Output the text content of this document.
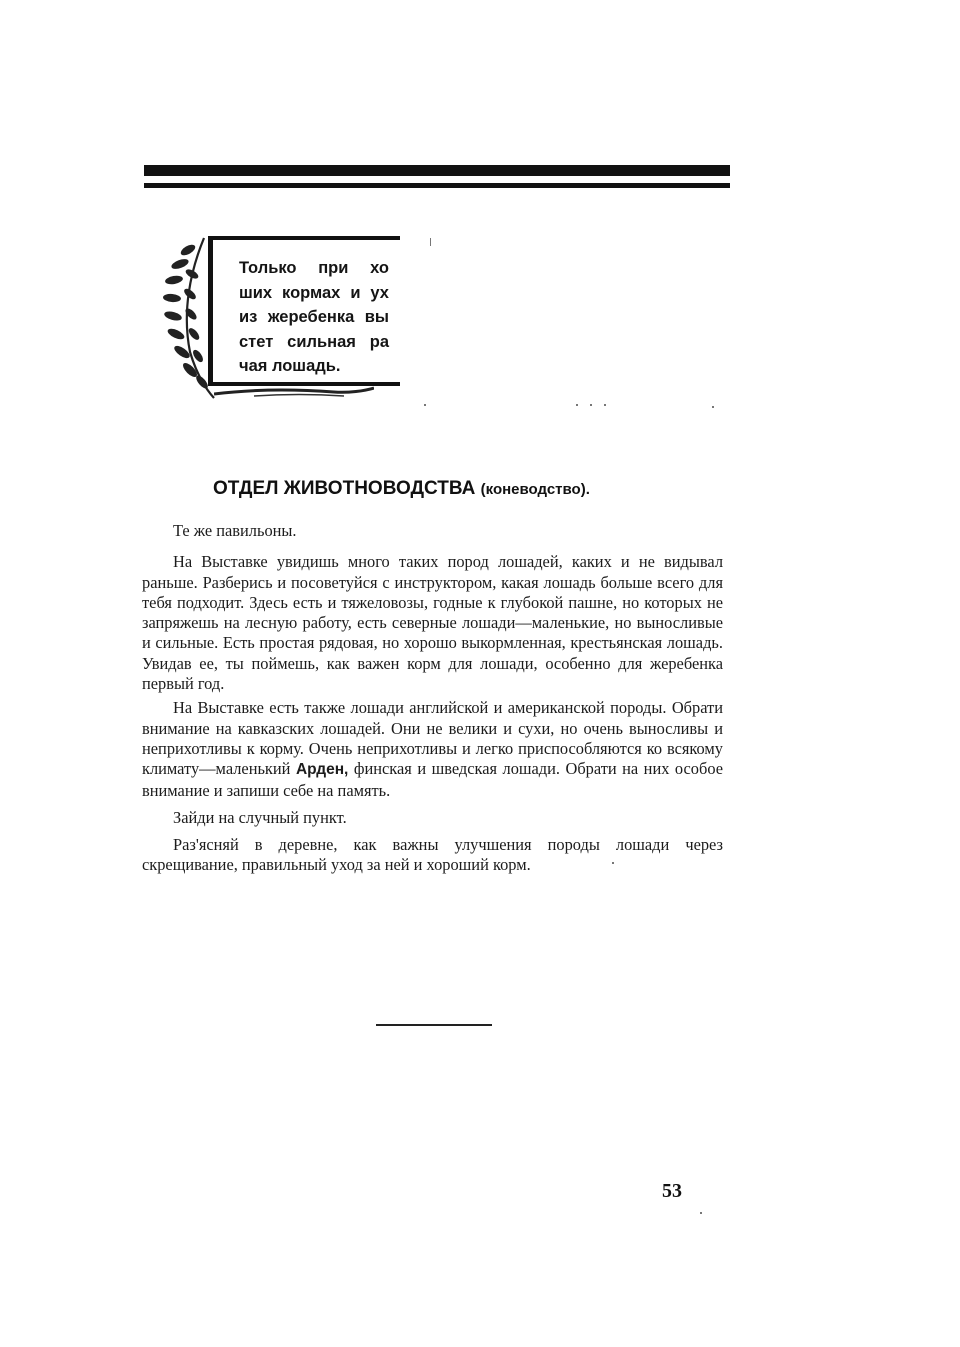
Только при хо
ших кормах и ух
из жеребенка вы
стет сильная ра
чая лошадь.
ОТДЕЛ ЖИВОТНОВОДСТВА (коневодство).

Те же павильоны.

На Выставке увидишь много таких пород лошадей, каких и не видывал раньше. Разберись и посоветуйся с инструктором, какая лошадь больше всего для тебя подходит. Здесь есть и тяжеловозы, годные к глубокой пашне, но которых не запряжешь на лесную работу, есть северные лошади—маленькие, но выносливые и сильные. Есть простая рядовая, но хорошо выкормленная, крестьянская лошадь. Увидав ее, ты поймешь, как важен корм для лошади, особенно для жеребенка первый год.

На Выставке есть также лошади английской и американской породы. Обрати внимание на кавказских лошадей. Они не велики и сухи, но очень выносливы и неприхотливы к корму. Очень неприхотливы и легко приспособляются ко всякому климату—маленький Арден, финская и шведская лошади. Обрати на них особое внимание и запиши себе на память.

Зайди на случный пункт.

Раз'ясняй в деревне, как важны улучшения породы лошади через скрещивание, правильный уход за ней и хороший корм.

53
